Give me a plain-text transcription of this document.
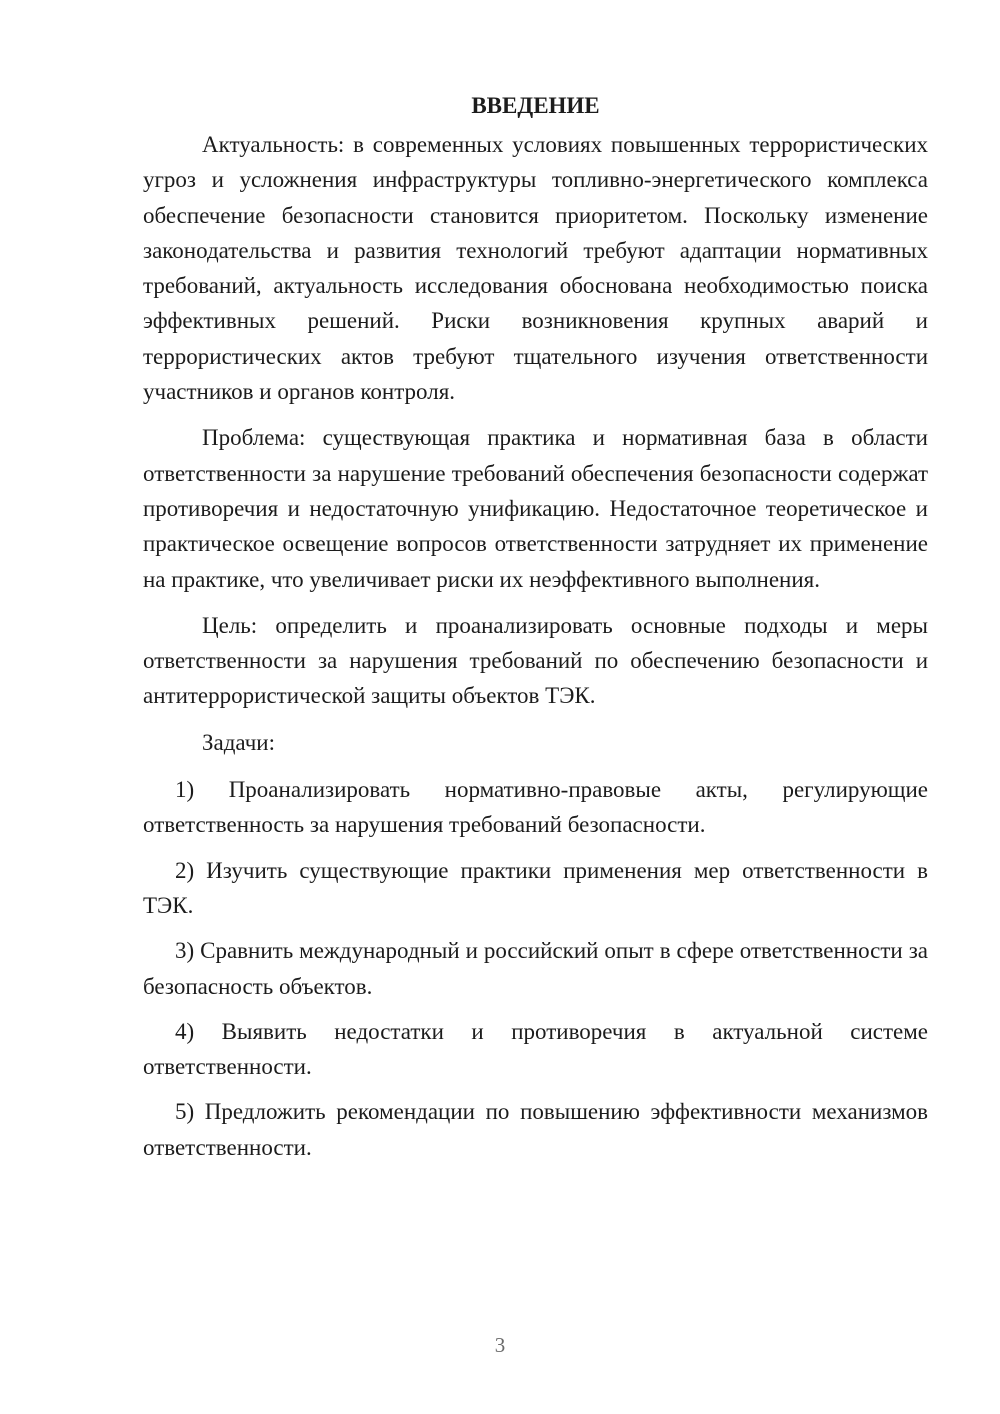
ВВЕДЕНИЕ

Актуальность: в современных условиях повышенных террористических угроз и усложнения инфраструктуры топливно-энергетического комплекса обеспечение безопасности становится приоритетом. Поскольку изменение законодательства и развития технологий требуют адаптации нормативных требований, актуальность исследования обоснована необходимостью поиска эффективных решений. Риски возникновения крупных аварий и террористических актов требуют тщательного изучения ответственности участников и органов контроля.

Проблема: существующая практика и нормативная база в области ответственности за нарушение требований обеспечения безопасности содержат противоречия и недостаточную унификацию. Недостаточное теоретическое и практическое освещение вопросов ответственности затрудняет их применение на практике, что увеличивает риски их неэффективного выполнения.

Цель: определить и проанализировать основные подходы и меры ответственности за нарушения требований по обеспечению безопасности и антитеррористической защиты объектов ТЭК.

Задачи:

1) Проанализировать нормативно-правовые акты, регулирующие ответственность за нарушения требований безопасности.

2) Изучить существующие практики применения мер ответственности в ТЭК.

3) Сравнить международный и российский опыт в сфере ответственности за безопасность объектов.

4) Выявить недостатки и противоречия в актуальной системе ответственности.

5) Предложить рекомендации по повышению эффективности механизмов ответственности.

3
